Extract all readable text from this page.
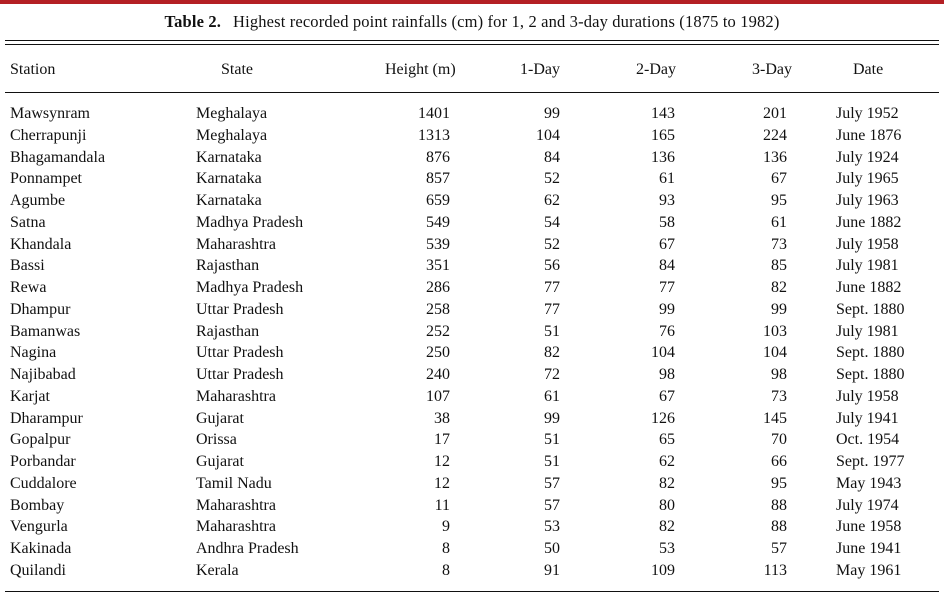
Table 2. Highest recorded point rainfalls (cm) for 1, 2 and 3-day durations (1875 to 1982)
Station	State	Height (m)	1-Day	2-Day	3-Day	Date
Mawsynram	Meghalaya	1401	99	143	201	July 1952
Cherrapunji	Meghalaya	1313	104	165	224	June 1876
Bhagamandala	Karnataka	876	84	136	136	July 1924
Ponnampet	Karnataka	857	52	61	67	July 1965
Agumbe	Karnataka	659	62	93	95	July 1963
Satna	Madhya Pradesh	549	54	58	61	June 1882
Khandala	Maharashtra	539	52	67	73	July 1958
Bassi	Rajasthan	351	56	84	85	July 1981
Rewa	Madhya Pradesh	286	77	77	82	June 1882
Dhampur	Uttar Pradesh	258	77	99	99	Sept. 1880
Bamanwas	Rajasthan	252	51	76	103	July 1981
Nagina	Uttar Pradesh	250	82	104	104	Sept. 1880
Najibabad	Uttar Pradesh	240	72	98	98	Sept. 1880
Karjat	Maharashtra	107	61	67	73	July 1958
Dharampur	Gujarat	38	99	126	145	July 1941
Gopalpur	Orissa	17	51	65	70	Oct. 1954
Porbandar	Gujarat	12	51	62	66	Sept. 1977
Cuddalore	Tamil Nadu	12	57	82	95	May 1943
Bombay	Maharashtra	11	57	80	88	July 1974
Vengurla	Maharashtra	9	53	82	88	June 1958
Kakinada	Andhra Pradesh	8	50	53	57	June 1941
Quilandi	Kerala	8	91	109	113	May 1961
